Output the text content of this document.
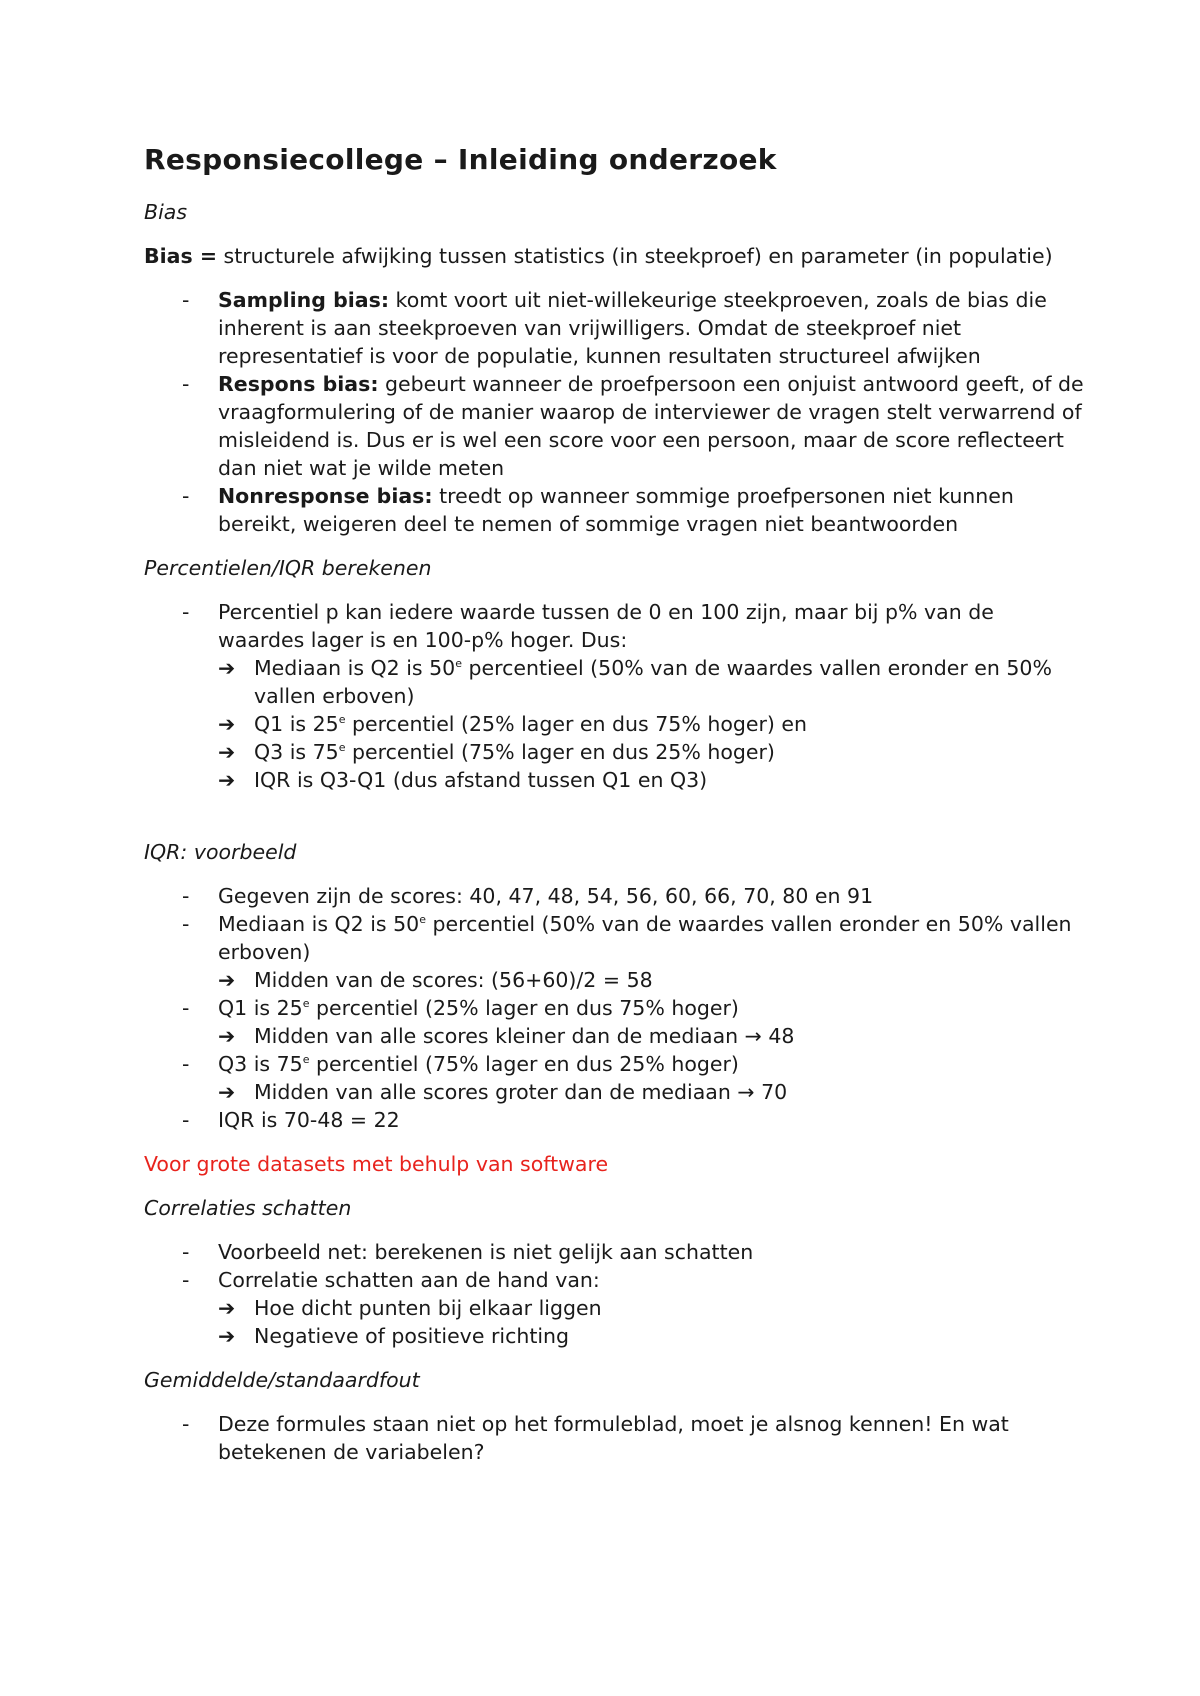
Responsiecollege – Inleiding onderzoek
Bias

Bias = structurele afwijking tussen statistics (in steekproef) en parameter (in populatie)

- Sampling bias: komt voort uit niet-willekeurige steekproeven, zoals de bias die inherent is aan steekproeven van vrijwilligers. Omdat de steekproef niet representatief is voor de populatie, kunnen resultaten structureel afwijken
- Respons bias: gebeurt wanneer de proefpersoon een onjuist antwoord geeft, of de vraagformulering of de manier waarop de interviewer de vragen stelt verwarrend of misleidend is. Dus er is wel een score voor een persoon, maar de score reflecteert dan niet wat je wilde meten
- Nonresponse bias: treedt op wanneer sommige proefpersonen niet kunnen bereikt, weigeren deel te nemen of sommige vragen niet beantwoorden
Percentielen/IQR berekenen
- Percentiel p kan iedere waarde tussen de 0 en 100 zijn, maar bij p% van de waardes lager is en 100-p% hoger. Dus:
➔ Mediaan is Q2 is 50e percentieel (50% van de waardes vallen eronder en 50% vallen erboven)
➔ Q1 is 25e percentiel (25% lager en dus 75% hoger) en
➔ Q3 is 75e percentiel (75% lager en dus 25% hoger)
➔ IQR is Q3-Q1 (dus afstand tussen Q1 en Q3)
IQR: voorbeeld
- Gegeven zijn de scores: 40, 47, 48, 54, 56, 60, 66, 70, 80 en 91
- Mediaan is Q2 is 50e percentiel (50% van de waardes vallen eronder en 50% vallen erboven)
➔ Midden van de scores: (56+60)/2 = 58
- Q1 is 25e percentiel (25% lager en dus 75% hoger)
➔ Midden van alle scores kleiner dan de mediaan → 48
- Q3 is 75e percentiel (75% lager en dus 25% hoger)
➔ Midden van alle scores groter dan de mediaan → 70
- IQR is 70-48 = 22

Voor grote datasets met behulp van software

Correlaties schatten
- Voorbeeld net: berekenen is niet gelijk aan schatten
- Correlatie schatten aan de hand van:
➔ Hoe dicht punten bij elkaar liggen
➔ Negatieve of positieve richting
Gemiddelde/standaardfout
- Deze formules staan niet op het formuleblad, moet je alsnog kennen! En wat betekenen de variabelen?
